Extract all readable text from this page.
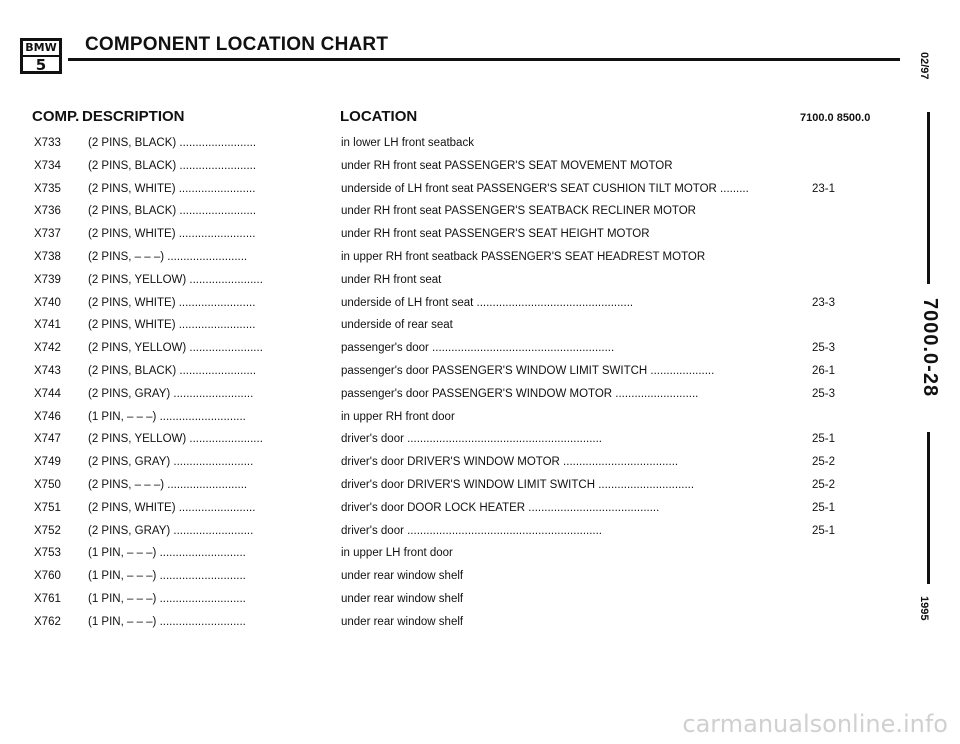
BMW
5
COMPONENT LOCATION CHART
COMP. DESCRIPTION	LOCATION	7100.0 8500.0
X733 (2 PINS, BLACK) ........................	in lower LH front seatback
X734 (2 PINS, BLACK) ........................	under RH front seat PASSENGER'S SEAT MOVEMENT MOTOR
X735 (2 PINS, WHITE) ........................	underside of LH front seat PASSENGER'S SEAT CUSHION TILT MOTOR .........	23-1
X736 (2 PINS, BLACK) ........................	under RH front seat PASSENGER'S SEATBACK RECLINER MOTOR
X737 (2 PINS, WHITE) ........................	under RH front seat PASSENGER'S SEAT HEIGHT MOTOR
X738 (2 PINS, – – –) .........................	in upper RH front seatback PASSENGER'S SEAT HEADREST MOTOR
X739 (2 PINS, YELLOW) .......................	under RH front seat
X740 (2 PINS, WHITE) ........................	underside of LH front seat .................................................	23-3
X741 (2 PINS, WHITE) ........................	underside of rear seat
X742 (2 PINS, YELLOW) .......................	passenger's door .........................................................	25-3
X743 (2 PINS, BLACK) ........................	passenger's door PASSENGER'S WINDOW LIMIT SWITCH ....................	26-1
X744 (2 PINS, GRAY) .........................	passenger's door PASSENGER'S WINDOW MOTOR ..........................	25-3
X746 (1 PIN, – – –) ...........................	in upper RH front door
X747 (2 PINS, YELLOW) .......................	driver's door .............................................................	25-1
X749 (2 PINS, GRAY) .........................	driver's door DRIVER'S WINDOW MOTOR ....................................	25-2
X750 (2 PINS, – – –) .........................	driver's door DRIVER'S WINDOW LIMIT SWITCH ..............................	25-2
X751 (2 PINS, WHITE) ........................	driver's door DOOR LOCK HEATER .........................................	25-1
X752 (2 PINS, GRAY) .........................	driver's door .............................................................	25-1
X753 (1 PIN, – – –) ...........................	in upper LH front door
X760 (1 PIN, – – –) ...........................	under rear window shelf
X761 (1 PIN, – – –) ...........................	under rear window shelf
X762 (1 PIN, – – –) ...........................	under rear window shelf
02/97
7000.0-28
1995
carmanualsonline.info
